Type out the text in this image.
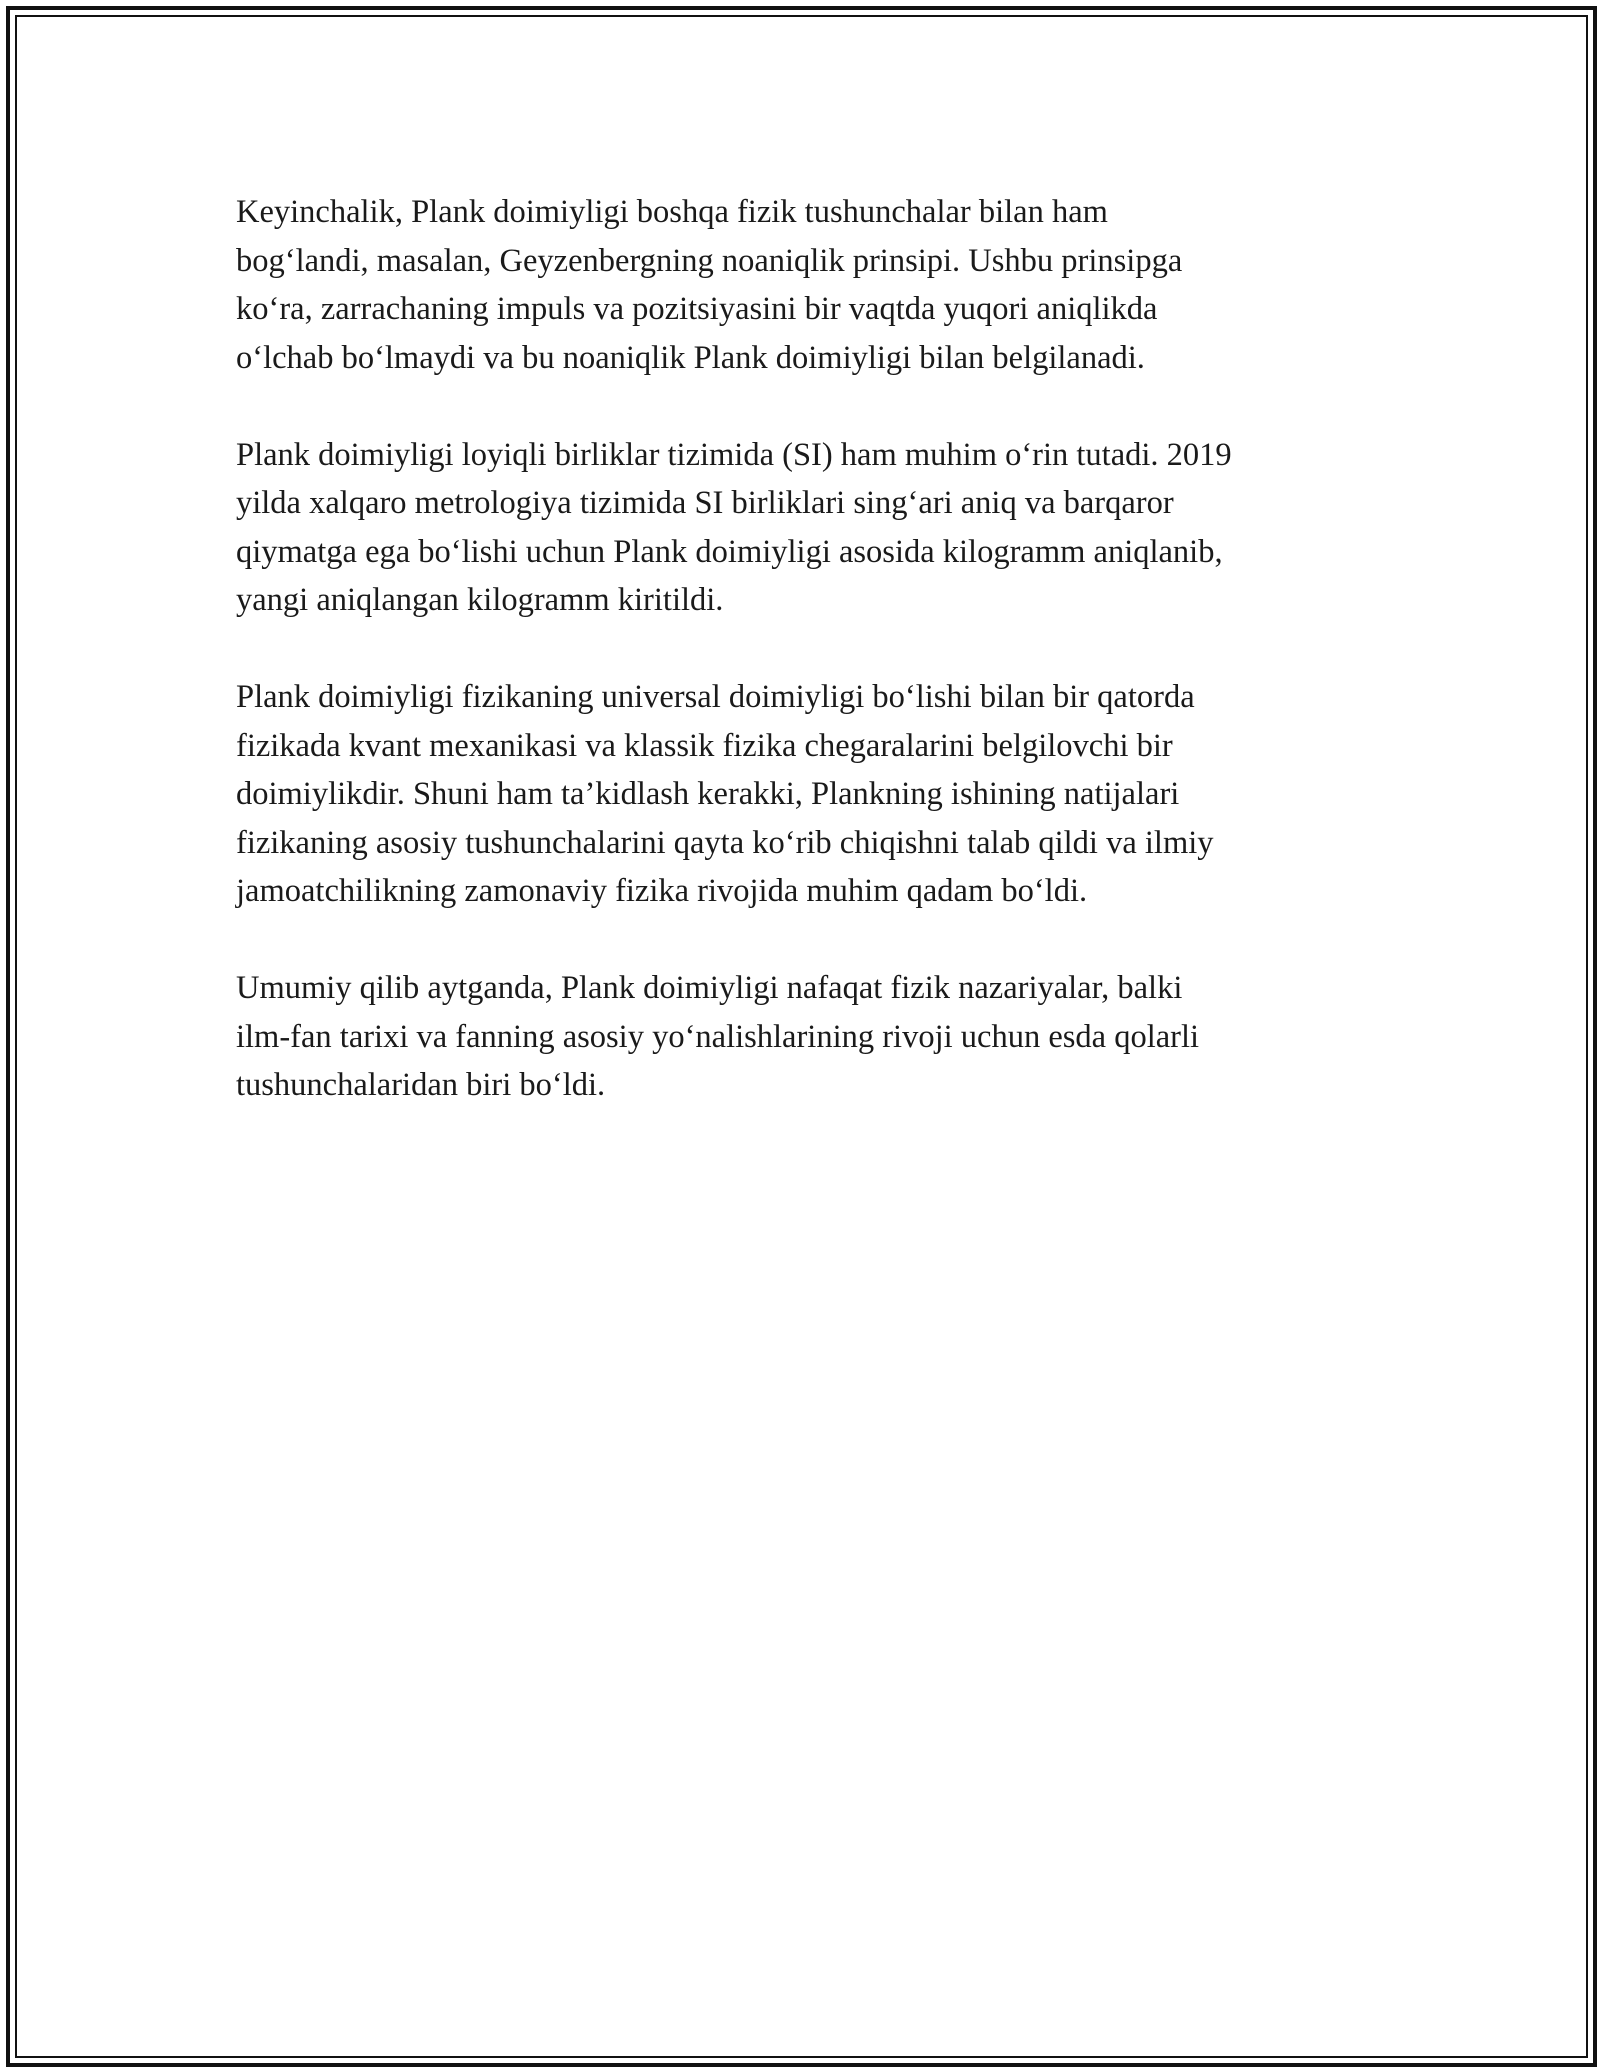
Keyinchalik, Plank doimiyligi boshqa fizik tushunchalar bilan ham
bog‘landi, masalan, Geyzenbergning noaniqlik prinsipi. Ushbu prinsipga
ko‘ra, zarrachaning impuls va pozitsiyasini bir vaqtda yuqori aniqlikda
o‘lchab bo‘lmaydi va bu noaniqlik Plank doimiyligi bilan belgilanadi.

Plank doimiyligi loyiqli birliklar tizimida (SI) ham muhim o‘rin tutadi. 2019
yilda xalqaro metrologiya tizimida SI birliklari sing‘ari aniq va barqaror
qiymatga ega bo‘lishi uchun Plank doimiyligi asosida kilogramm aniqlanib,
yangi aniqlangan kilogramm kiritildi.

Plank doimiyligi fizikaning universal doimiyligi bo‘lishi bilan bir qatorda
fizikada kvant mexanikasi va klassik fizika chegaralarini belgilovchi bir
doimiylikdir. Shuni ham ta’kidlash kerakki, Plankning ishining natijalari
fizikaning asosiy tushunchalarini qayta ko‘rib chiqishni talab qildi va ilmiy
jamoatchilikning zamonaviy fizika rivojida muhim qadam bo‘ldi.

Umumiy qilib aytganda, Plank doimiyligi nafaqat fizik nazariyalar, balki
ilm-fan tarixi va fanning asosiy yo‘nalishlarining rivoji uchun esda qolarli
tushunchalaridan biri bo‘ldi.
